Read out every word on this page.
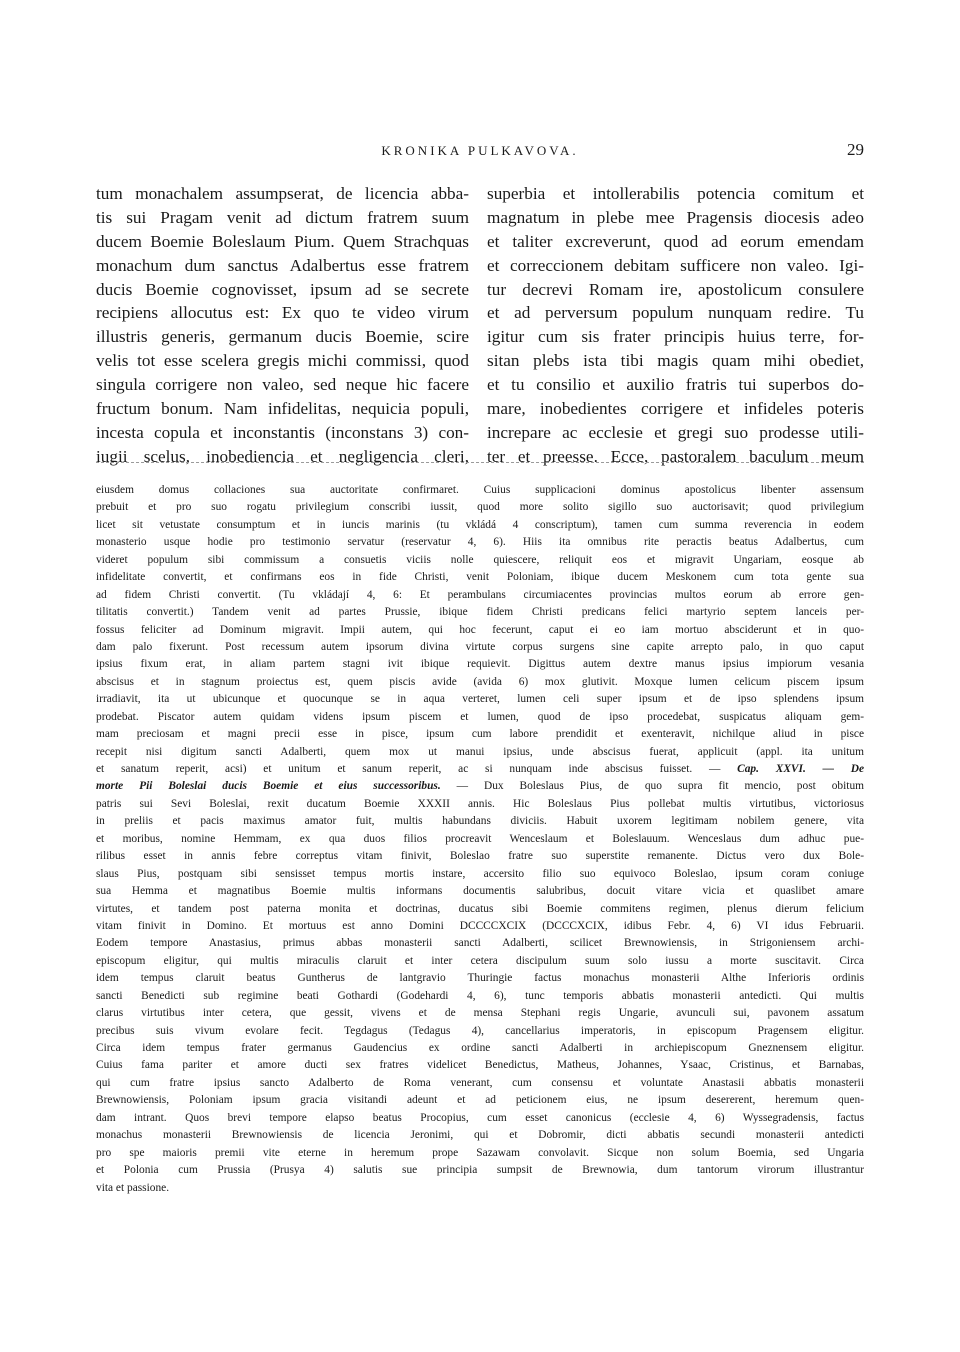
KRONIKA PULKAVOVA.	29
tum monachalem assumpserat, de licencia abba-
tis sui Pragam venit ad dictum fratrem suum
ducem Boemie Boleslaum Pium. Quem Strachquas
monachum dum sanctus Adalbertus esse fratrem
ducis Boemie cognovisset, ipsum ad se secrete
recipiens allocutus est: Ex quo te video virum
illustris generis, germanum ducis Boemie, scire
velis tot esse scelera gregis michi commissi, quod
singula corrigere non valeo, sed neque hic facere
fructum bonum. Nam infidelitas, nequicia populi,
incesta copula et inconstantis (inconstans 3) con-
iugii scelus, inobediencia et negligencia cleri,
superbia et intollerabilis potencia comitum et
magnatum in plebe mee Pragensis diocesis adeo
et taliter excreverunt, quod ad eorum emendam
et correccionem debitam sufficere non valeo. Igi-
tur decrevi Romam ire, apostolicum consulere
et ad perversum populum nunquam redire. Tu
igitur cum sis frater principis huius terre, for-
sitan plebs ista tibi magis quam mihi obediet,
et tu consilio et auxilio fratris tui superbos do-
mare, inobedientes corrigere et infideles poteris
increpare ac ecclesie et gregi suo prodesse utili-
ter et preesse. Ecce, pastoralem baculum meum
eiusdem domus collaciones sua auctoritate confirmaret. Cuius supplicacioni dominus apostolicus libenter assensum
prebuit et pro suo rogatu privilegium conscribi iussit, quod more solito sigillo suo auctorisavit; quod privilegium
licet sit vetustate consumptum et in iuncis marinis (tu vkládá 4 conscriptum), tamen cum summa reverencia in eodem
monasterio usque hodie pro testimonio servatur (reservatur 4, 6). Hiis ita omnibus rite peractis beatus Adalbertus, cum
videret populum sibi commissum a consuetis viciis nolle quiescere, reliquit eos et migravit Ungariam, eosque ab
infidelitate convertit, et confirmans eos in fide Christi, venit Poloniam, ibique ducem Meskonem cum tota gente sua
ad fidem Christi convertit. (Tu vkládají 4, 6: Et perambulans circumiacentes provincias multos eorum ab errore gen-
tilitatis convertit.) Tandem venit ad partes Prussie, ibique fidem Christi predicans felici martyrio septem lanceis per-
fossus feliciter ad Dominum migravit. Impii autem, qui hoc fecerunt, caput ei eo iam mortuo absciderunt et in quo-
dam palo fixerunt. Post recessum autem ipsorum divina virtute corpus surgens sine capite arrepto palo, in quo caput
ipsius fixum erat, in aliam partem stagni ivit ibique requievit. Digittus autem dextre manus ipsius impiorum vesania
abscisus et in stagnum proiectus est, quem piscis avide (avida 6) mox glutivit. Moxque lumen celicum piscem ipsum
irradiavit, ita ut ubicunque et quocunque se in aqua verteret, lumen celi super ipsum et de ipso splendens ipsum
prodebat. Piscator autem quidam videns ipsum piscem et lumen, quod de ipso procedebat, suspicatus aliquam gem-
mam preciosam et magni precii esse in pisce, ipsum cum labore prendidit et exenteravit, nichilque aliud in pisce
recepit nisi digitum sancti Adalberti, quem mox ut manui ipsius, unde abscisus fuerat, applicuit (appl. ita unitum
et sanatum reperit, acsi) et unitum et sanum reperit, ac si nunquam inde abscisus fuisset. — Cap. XXVI. — De
morte Pii Boleslai ducis Boemie et eius successoribus. — Dux Boleslaus Pius, de quo supra fit mencio, post obitum
patris sui Sevi Boleslai, rexit ducatum Boemie XXXII annis. Hic Boleslaus Pius pollebat multis virtutibus, victoriosus
in preliis et pacis maximus amator fuit, multis habundans diviciis. Habuit uxorem legitimam nobilem genere, vita
et moribus, nomine Hemmam, ex qua duos filios procreavit Wenceslaum et Boleslauum. Wenceslaus dum adhuc pue-
rilibus esset in annis febre correptus vitam finivit, Boleslao fratre suo superstite remanente. Dictus vero dux Bole-
slaus Pius, postquam sibi sensisset tempus mortis instare, accersito filio suo equivoco Boleslao, ipsum coram coniuge
sua Hemma et magnatibus Boemie multis informans documentis salubribus, docuit vitare vicia et quaslibet amare
virtutes, et tandem post paterna monita et doctrinas, ducatus sibi Boemie commitens regimen, plenus dierum felicium
vitam finivit in Domino. Et mortuus est anno Domini DCCCCXCIX (DCCCXCIX, idibus Febr. 4, 6) VI idus Februarii.
Eodem tempore Anastasius, primus abbas monasterii sancti Adalberti, scilicet Brewnowiensis, in Strigoniensem archi-
episcopum eligitur, qui multis miraculis claruit et inter cetera discipulum suum solo iussu a morte suscitavit. Circa
idem tempus claruit beatus Guntherus de lantgravio Thuringie factus monachus monasterii Althe Inferioris ordinis
sancti Benedicti sub regimine beati Gothardi (Godehardi 4, 6), tunc temporis abbatis monasterii antedicti. Qui multis
clarus virtutibus inter cetera, que gessit, vivens et de mensa Stephani regis Ungarie, avunculi sui, pavonem assatum
precibus suis vivum evolare fecit. Tegdagus (Tedagus 4), cancellarius imperatoris, in episcopum Pragensem eligitur.
Circa idem tempus frater germanus Gaudencius ex ordine sancti Adalberti in archiepiscopum Gneznensem eligitur.
Cuius fama pariter et amore ducti sex fratres videlicet Benedictus, Matheus, Johannes, Ysaac, Cristinus, et Barnabas,
qui cum fratre ipsius sancto Adalberto de Roma venerant, cum consensu et voluntate Anastasii abbatis monasterii
Brewnowiensis, Poloniam ipsum gracia visitandi adeunt et ad peticionem eius, ne ipsum desererent, heremum quen-
dam intrant. Quos brevi tempore elapso beatus Procopius, cum esset canonicus (ecclesie 4, 6) Wyssegradensis, factus
monachus monasterii Brewnowiensis de licencia Jeronimi, qui et Dobromir, dicti abbatis secundi monasterii antedicti
pro spe maioris premii vite eterne in heremum prope Sazawam convolavit. Sicque non solum Boemia, sed Ungaria
et Polonia cum Prussia (Prusya 4) salutis sue principia sumpsit de Brewnowia, dum tantorum virorum illustrantur
vita et passione.
